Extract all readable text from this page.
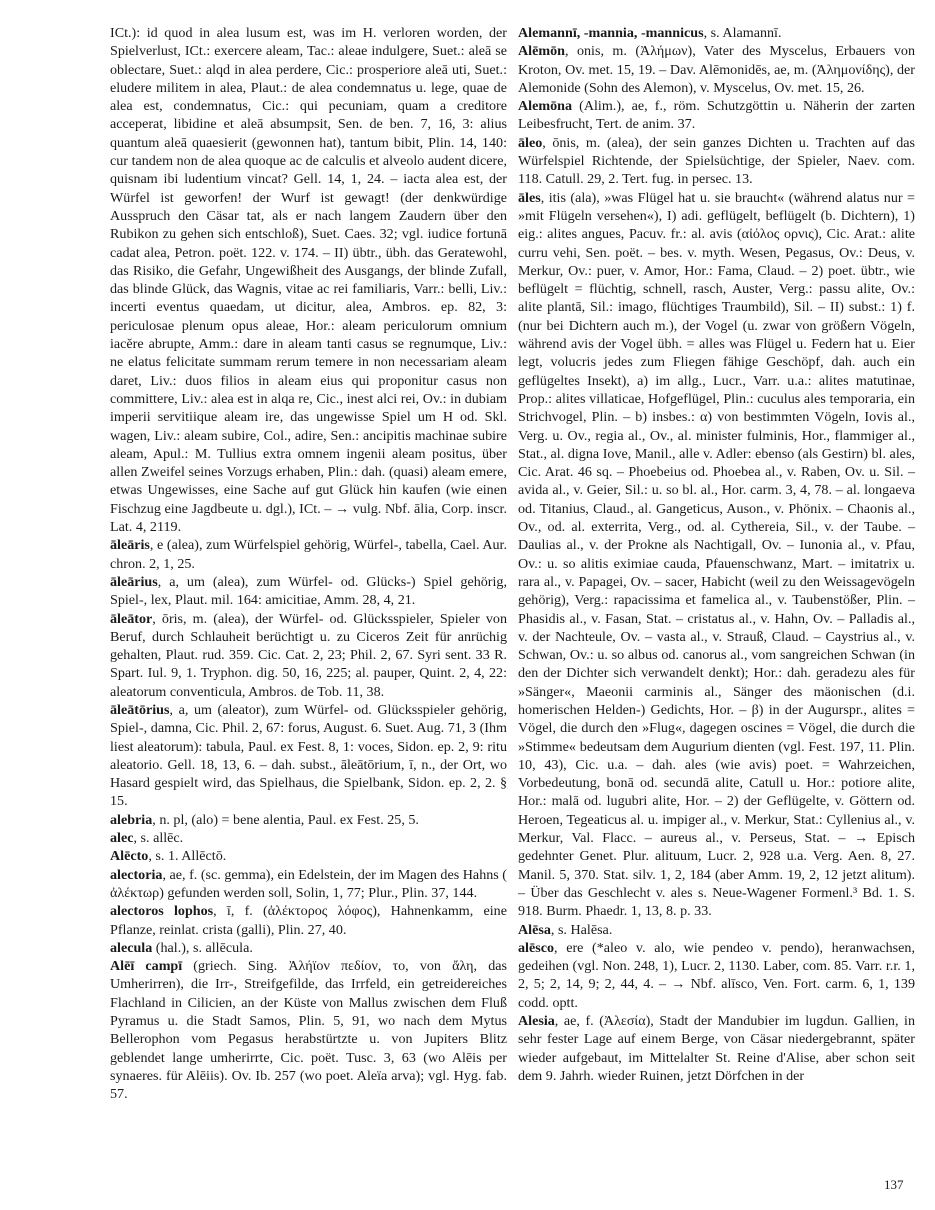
ICt.): id quod in alea lusum est, was im H. verloren worden, der Spielverlust, ICt.: exercere aleam, Tac.: aleae indulgere, Suet.: aleā se oblectare, Suet.: alqd in alea perdere, Cic.: prosperiore aleā uti, Suet.: eludere militem in alea, Plaut.: de alea condemnatus u. lege, quae de alea est, condemnatus, Cic.: qui pecuniam, quam a creditore acceperat, libidine et aleā absumpsit, Sen. de ben. 7, 16, 3: alius quantum aleā quaesierit (gewonnen hat), tantum bibit, Plin. 14, 140: cur tandem non de alea quoque ac de calculis et alveolo audent dicere, quisnam ibi ludentium vincat? Gell. 14, 1, 24. – iacta alea est, der Würfel ist geworfen! der Wurf ist gewagt! (der denkwürdige Ausspruch den Cäsar tat, als er nach langem Zaudern über den Rubikon zu gehen sich entschloß), Suet. Caes. 32; vgl. iudice fortunā cadat alea, Petron. poët. 122. v. 174. – II) übtr., übh. das Geratewohl, das Risiko, die Gefahr, Ungewißheit des Ausgangs, der blinde Zufall, das blinde Glück, das Wagnis, vitae ac rei familiaris, Varr.: belli, Liv.: incerti eventus quaedam, ut dicitur, alea, Ambros. ep. 82, 3: periculosae plenum opus aleae, Hor.: aleam periculorum omnium iacĕre abrupte, Amm.: dare in aleam tanti casus se regnumque, Liv.: ne elatus felicitate summam rerum temere in non necessariam aleam daret, Liv.: duos filios in aleam eius qui proponitur casus non committere, Liv.: alea est in alqa re, Cic., inest alci rei, Ov.: in dubiam imperii servitiique aleam ire, das ungewisse Spiel um H od. Skl. wagen, Liv.: aleam subire, Col., adire, Sen.: ancipitis machinae subire aleam, Apul.: M. Tullius extra omnem ingenii aleam positus, über allen Zweifel seines Vorzugs erhaben, Plin.: dah. (quasi) aleam emere, etwas Ungewisses, eine Sache auf gut Glück hin kaufen (wie einen Fischzug eine Jagdbeute u. dgl.), ICt. – → vulg. Nbf. ālia, Corp. inscr. Lat. 4, 2119.

āleāris, e (alea), zum Würfelspiel gehörig, Würfel-, tabella, Cael. Aur. chron. 2, 1, 25.

āleārius, a, um (alea), zum Würfel- od. Glücks-) Spiel gehörig, Spiel-, lex, Plaut. mil. 164: amicitiae, Amm. 28, 4, 21.

āleātor, ōris, m. (alea), der Würfel- od. Glücksspieler, Spieler von Beruf, durch Schlauheit berüchtigt u. zu Ciceros Zeit für anrüchig gehalten, Plaut. rud. 359. Cic. Cat. 2, 23; Phil. 2, 67. Syri sent. 33 R. Spart. Iul. 9, 1. Tryphon. dig. 50, 16, 225; al. pauper, Quint. 2, 4, 22: aleatorum conventicula, Ambros. de Tob. 11, 38.

āleātōrius, a, um (aleator), zum Würfel- od. Glücksspieler gehörig, Spiel-, damna, Cic. Phil. 2, 67: forus, August. 6. Suet. Aug. 71, 3 (Ihm liest aleatorum): tabula, Paul. ex Fest. 8, 1: voces, Sidon. ep. 2, 9: ritu aleatorio. Gell. 18, 13, 6. – dah. subst., āleātōrium, ī, n., der Ort, wo Hasard gespielt wird, das Spielhaus, die Spielbank, Sidon. ep. 2, 2. § 15.

alebria, n. pl, (alo) = bene alentia, Paul. ex Fest. 25, 5.

alec, s. allēc.

Alēcto, s. 1. Allēctō.

alectoria, ae, f. (sc. gemma), ein Edelstein, der im Magen des Hahns ( ἀλέκτωρ) gefunden werden soll, Solin, 1, 77; Plur., Plin. 37, 144.

alectoros lophos, ī, f. (ἀλέκτορος λόφος), Hahnenkamm, eine Pflanze, reinlat. crista (galli), Plin. 27, 40.

alecula (hal.), s. allēcula.

Alēī campī (griech. Sing. Ἀλήϊον πεδίον, το, von ἄλη, das Umherirren), die Irr-, Streifgefilde, das Irrfeld, ein getreidereiches Flachland in Cilicien, an der Küste von Mallus zwischen dem Fluß Pyramus u. die Stadt Samos, Plin. 5, 91, wo nach dem Mytus Bellerophon vom Pegasus herabstürtzte u. von Jupiters Blitz geblendet lange umherirrte, Cic. poët. Tusc. 3, 63 (wo Alēis per synaeres. für Alēiis). Ov. Ib. 257 (wo poet. Aleïa arva); vgl. Hyg. fab. 57.

Alemannī, -mannia, -mannicus, s. Alamannī.

Alēmōn, onis, m. (Ἀλήμων), Vater des Myscelus, Erbauers von Kroton, Ov. met. 15, 19. – Dav. Alēmonidēs, ae, m. (Ἀλημονίδης), der Alemonide (Sohn des Alemon), v. Myscelus, Ov. met. 15, 26.

Alemōna (Alim.), ae, f., röm. Schutzgöttin u. Näherin der zarten Leibesfrucht, Tert. de anim. 37.

āleo, ōnis, m. (alea), der sein ganzes Dichten u. Trachten auf das Würfelspiel Richtende, der Spielsüchtige, der Spieler, Naev. com. 118. Catull. 29, 2. Tert. fug. in persec. 13.

āles, itis (ala), »was Flügel hat u. sie braucht« (während alatus nur = »mit Flügeln versehen«), I) adi. geflügelt, beflügelt (b. Dichtern), 1) eig.: alites angues, Pacuv. fr.: al. avis (αἰόλος ορνις), Cic. Arat.: alite curru vehi, Sen. poët. – bes. v. myth. Wesen, Pegasus, Ov.: Deus, v. Merkur, Ov.: puer, v. Amor, Hor.: Fama, Claud. – 2) poet. übtr., wie beflügelt = flüchtig, schnell, rasch, Auster, Verg.: passu alite, Ov.: alite plantā, Sil.: imago, flüchtiges Traumbild), Sil. – II) subst.: 1) f. (nur bei Dichtern auch m.), der Vogel (u. zwar von größern Vögeln, während avis der Vogel übh. = alles was Flügel u. Federn hat u. Eier legt, volucris jedes zum Fliegen fähige Geschöpf, dah. auch ein geflügeltes Insekt), a) im allg., Lucr., Varr. u.a.: alites matutinae, Prop.: alites villaticae, Hofgeflügel, Plin.: cuculus ales temporaria, ein Strichvogel, Plin. – b) insbes.: α) von bestimmten Vögeln, Iovis al., Verg. u. Ov., regia al., Ov., al. minister fulminis, Hor., flammiger al., Stat., al. digna Iove, Manil., alle v. Adler: ebenso (als Gestirn) bl. ales, Cic. Arat. 46 sq. – Phoebeius od. Phoebea al., v. Raben, Ov. u. Sil. – avida al., v. Geier, Sil.: u. so bl. al., Hor. carm. 3, 4, 78. – al. longaeva od. Titanius, Claud., al. Gangeticus, Auson., v. Phönix. – Chaonis al., Ov., od. al. exterrita, Verg., od. al. Cythereia, Sil., v. der Taube. – Daulias al., v. der Prokne als Nachtigall, Ov. – Iunonia al., v. Pfau, Ov.: u. so alitis eximiae cauda, Pfauenschwanz, Mart. – imitatrix u. rara al., v. Papagei, Ov. – sacer, Habicht (weil zu den Weissagevögeln gehörig), Verg.: rapacissima et famelica al., v. Taubenstößer, Plin. – Phasidis al., v. Fasan, Stat. – cristatus al., v. Hahn, Ov. – Palladis al., v. der Nachteule, Ov. – vasta al., v. Strauß, Claud. – Caystrius al., v. Schwan, Ov.: u. so albus od. canorus al., vom sangreichen Schwan (in den der Dichter sich verwandelt denkt); Hor.: dah. geradezu ales für »Sänger«, Maeonii carminis al., Sänger des mäonischen (d.i. homerischen Helden-) Gedichts, Hor. – β) in der Augurspr., alites = Vögel, die durch den »Flug«, dagegen oscines = Vögel, die durch die »Stimme« bedeutsam dem Augurium dienten (vgl. Fest. 197, 11. Plin. 10, 43), Cic. u.a. – dah. ales (wie avis) poet. = Wahrzeichen, Vorbedeutung, bonā od. secundā alite, Catull u. Hor.: potiore alite, Hor.: malā od. lugubri alite, Hor. – 2) der Geflügelte, v. Göttern od. Heroen, Tegeaticus al. u. impiger al., v. Merkur, Stat.: Cyllenius al., v. Merkur, Val. Flacc. – aureus al., v. Perseus, Stat. – → Episch gedehnter Genet. Plur. alituum, Lucr. 2, 928 u.a. Verg. Aen. 8, 27. Manil. 5, 370. Stat. silv. 1, 2, 184 (aber Amm. 19, 2, 12 jetzt alitum). – Über das Geschlecht v. ales s. Neue-Wagener Formenl.³ Bd. 1. S. 918. Burm. Phaedr. 1, 13, 8. p. 33.

Alēsa, s. Halēsa.

alēsco, ere (*aleo v. alo, wie pendeo v. pendo), heranwachsen, gedeihen (vgl. Non. 248, 1), Lucr. 2, 1130. Laber, com. 85. Varr. r.r. 1, 2, 5; 2, 14, 9; 2, 44, 4. – → Nbf. alīsco, Ven. Fort. carm. 6, 1, 139 codd. optt.

Alesia, ae, f. (Ἀλεσία), Stadt der Mandubier im lugdun. Gallien, in sehr fester Lage auf einem Berge, von Cäsar niedergebrannt, später wieder aufgebaut, im Mittelalter St. Reine d'Alise, aber schon seit dem 9. Jahrh. wieder Ruinen, jetzt Dörfchen in der

137
